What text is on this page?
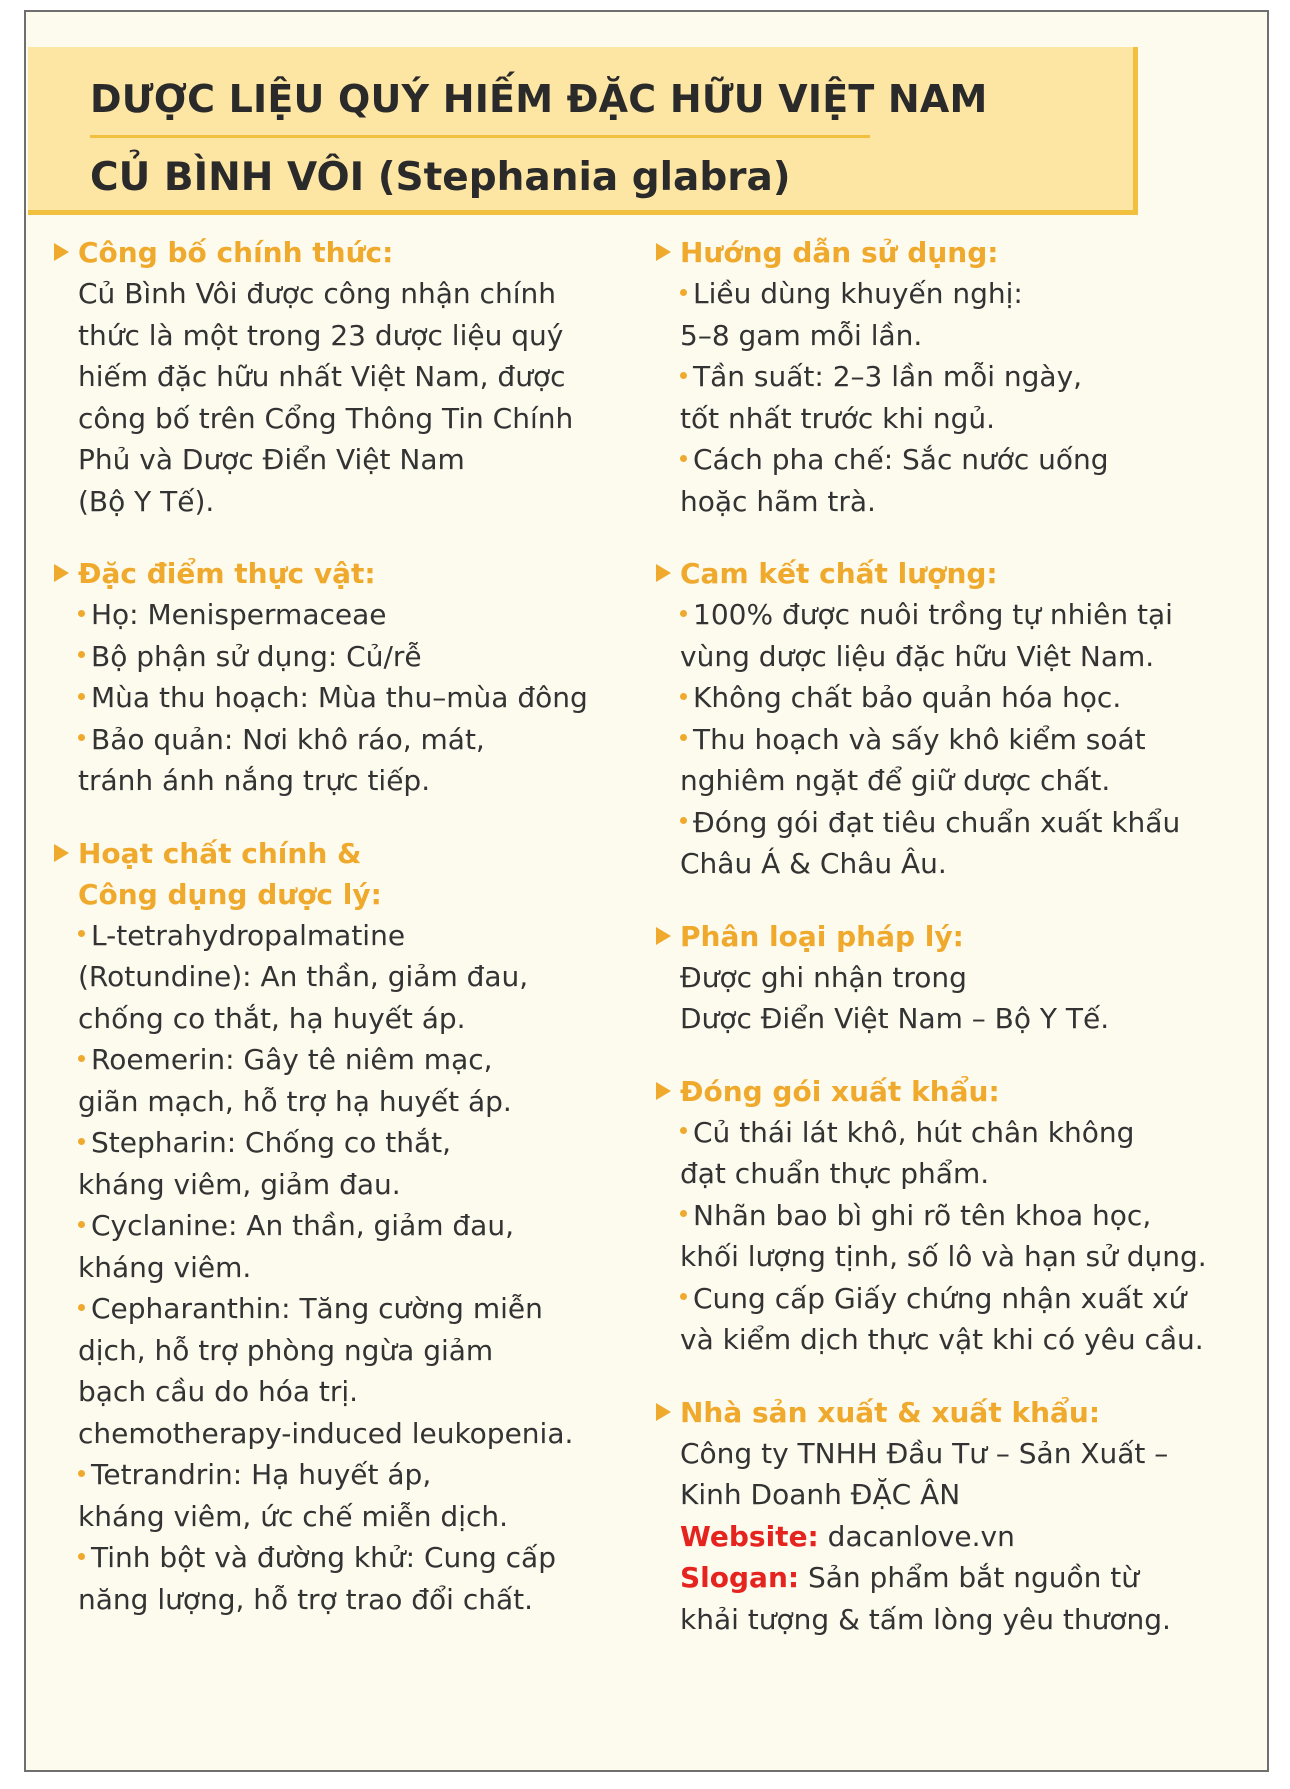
DƯỢC LIỆU QUÝ HIẾM ĐẶC HỮU VIỆT NAM
CỦ BÌNH VÔI (Stephania glabra)
Công bố chính thức:
Củ Bình Vôi được công nhận chính
thức là một trong 23 dược liệu quý
hiếm đặc hữu nhất Việt Nam, được
công bố trên Cổng Thông Tin Chính
Phủ và Dược Điển Việt Nam
(Bộ Y Tế).
Đặc điểm thực vật:
Họ: Menispermaceae
Bộ phận sử dụng: Củ/rễ
Mùa thu hoạch: Mùa thu–mùa đông
Bảo quản: Nơi khô ráo, mát,
tránh ánh nắng trực tiếp.
Hoạt chất chính &
Công dụng dược lý:
L-tetrahydropalmatine
(Rotundine): An thần, giảm đau,
chống co thắt, hạ huyết áp.
Roemerin: Gây tê niêm mạc,
giãn mạch, hỗ trợ hạ huyết áp.
Stepharin: Chống co thắt,
kháng viêm, giảm đau.
Cyclanine: An thần, giảm đau,
kháng viêm.
Cepharanthin: Tăng cường miễn
dịch, hỗ trợ phòng ngừa giảm
bạch cầu do hóa trị.
chemotherapy-induced leukopenia.
Tetrandrin: Hạ huyết áp,
kháng viêm, ức chế miễn dịch.
Tinh bột và đường khử: Cung cấp
năng lượng, hỗ trợ trao đổi chất.
Hướng dẫn sử dụng:
Liều dùng khuyến nghị:
5–8 gam mỗi lần.
Tần suất: 2–3 lần mỗi ngày,
tốt nhất trước khi ngủ.
Cách pha chế: Sắc nước uống
hoặc hãm trà.
Cam kết chất lượng:
100% được nuôi trồng tự nhiên tại
vùng dược liệu đặc hữu Việt Nam.
Không chất bảo quản hóa học.
Thu hoạch và sấy khô kiểm soát
nghiêm ngặt để giữ dược chất.
Đóng gói đạt tiêu chuẩn xuất khẩu
Châu Á & Châu Âu.
Phân loại pháp lý:
Được ghi nhận trong
Dược Điển Việt Nam – Bộ Y Tế.
Đóng gói xuất khẩu:
Củ thái lát khô, hút chân không
đạt chuẩn thực phẩm.
Nhãn bao bì ghi rõ tên khoa học,
khối lượng tịnh, số lô và hạn sử dụng.
Cung cấp Giấy chứng nhận xuất xứ
và kiểm dịch thực vật khi có yêu cầu.
Nhà sản xuất & xuất khẩu:
Công ty TNHH Đầu Tư – Sản Xuất –
Kinh Doanh ĐẶC ÂN
Website: dacanlove.vn
Slogan: Sản phẩm bắt nguồn từ
khải tượng & tấm lòng yêu thương.
